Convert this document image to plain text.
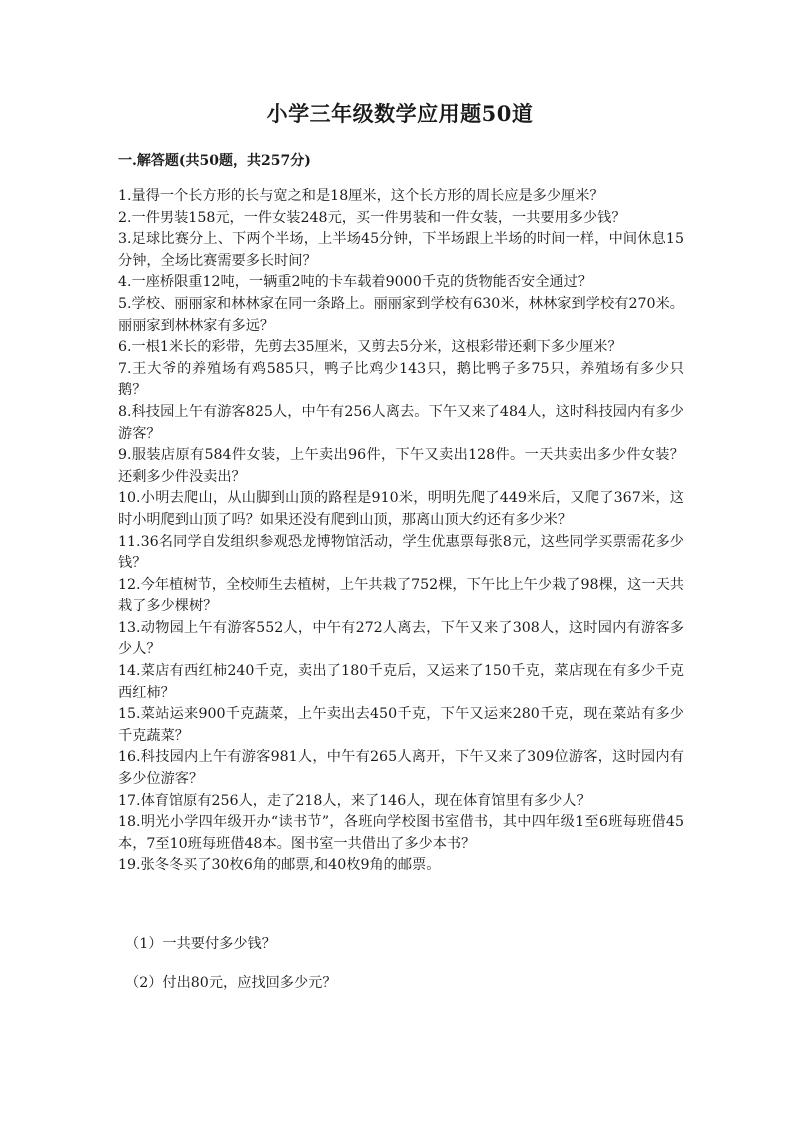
小学三年级数学应用题50道
一.解答题(共50题，共257分)

1.量得一个长方形的长与宽之和是18厘米，这个长方形的周长应是多少厘米？

2.一件男装158元，一件女装248元，买一件男装和一件女装，一共要用多少钱？

3.足球比赛分上、下两个半场，上半场45分钟，下半场跟上半场的时间一样，中间休息15分钟，全场比赛需要多长时间？

4.一座桥限重12吨，一辆重2吨的卡车载着9000千克的货物能否安全通过？

5.学校、丽丽家和林林家在同一条路上。丽丽家到学校有630米，林林家到学校有270米。丽丽家到林林家有多远？

6.一根1米长的彩带，先剪去35厘米，又剪去5分米，这根彩带还剩下多少厘米？

7.王大爷的养殖场有鸡585只，鸭子比鸡少143只，鹅比鸭子多75只，养殖场有多少只鹅？

8.科技园上午有游客825人，中午有256人离去。下午又来了484人，这时科技园内有多少游客？

9.服装店原有584件女装，上午卖出96件，下午又卖出128件。一天共卖出多少件女装？还剩多少件没卖出？

10.小明去爬山，从山脚到山顶的路程是910米，明明先爬了449米后，又爬了367米，这时小明爬到山顶了吗？如果还没有爬到山顶，那离山顶大约还有多少米？

11.36名同学自发组织参观恐龙博物馆活动，学生优惠票每张8元，这些同学买票需花多少钱？

12.今年植树节，全校师生去植树，上午共栽了752棵，下午比上午少栽了98棵，这一天共栽了多少棵树？

13.动物园上午有游客552人，中午有272人离去，下午又来了308人，这时园内有游客多少人？

14.菜店有西红柿240千克，卖出了180千克后，又运来了150千克，菜店现在有多少千克西红柿？

15.菜站运来900千克蔬菜，上午卖出去450千克，下午又运来280千克，现在菜站有多少千克蔬菜？

16.科技园内上午有游客981人，中午有265人离开，下午又来了309位游客，这时园内有多少位游客？

17.体育馆原有256人，走了218人，来了146人，现在体育馆里有多少人？

18.明光小学四年级开办“读书节”，各班向学校图书室借书，其中四年级1至6班每班借45本，7至10班每班借48本。图书室一共借出了多少本书？

19.张冬冬买了30枚6角的邮票,和40枚9角的邮票。

（1）一共要付多少钱？

（2）付出80元，应找回多少元？
